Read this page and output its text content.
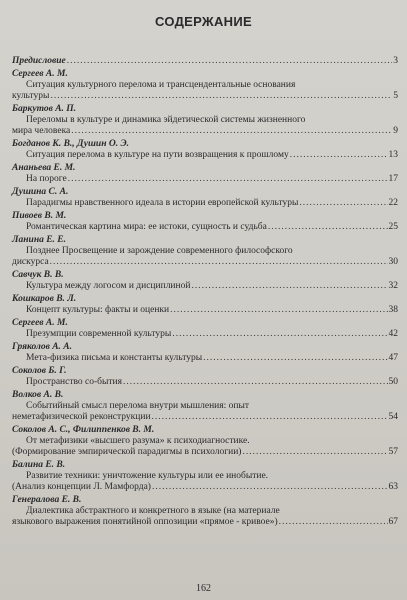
СОДЕРЖАНИЕ
Предисловие .....	3
Сергеев А. М.
Ситуация культурного перелома и трансцендентальные основания
культуры .....	5
Баркутов А. П.
Переломы в культуре и динамика эйдетической системы жизненного
мира человека .....	9
Богданов К. В., Душин О. Э.
Ситуация перелома в культуре на пути возвращения к прошлому .....	13
Ананьева Е. М.
На пороге .....	17
Душина С. А.
Парадигмы нравственного идеала в истории европейской культуры .....	22
Пивоев В. М.
Романтическая картина мира: ее истоки, сущность и судьба .....	25
Ланина Е. Е.
Позднее Просвещение и зарождение современного философского
дискурса .....	30
Савчук В. В.
Культура между логосом и дисциплиной .....	32
Кошкаров В. Л.
Концепт культуры: факты и оценки .....	38
Сергеев А. М.
Презумпции современной культуры .....	42
Гряколов А. А.
Мета-физика письма и константы культуры .....	47
Соколов Б. Г.
Пространство со-бытия .....	50
Волков А. В.
Событийный смысл перелома внутри мышления: опыт
неметафизической реконструкции .....	54
Соколов А. С., Филиппенков В. М.
От метафизики «высшего разума» к психодиагностике.
(Формирование эмпирической парадигмы в психологии) .....	57
Балина Е. В.
Развитие техники: уничтожение культуры или ее инобытие.
(Анализ концепции Л. Мамфорда) .....	63
Генералова Е. В.
Диалектика абстрактного и конкретного в языке (на материале
языкового выражения понятийной оппозиции «прямое - кривое») .....	67
162
